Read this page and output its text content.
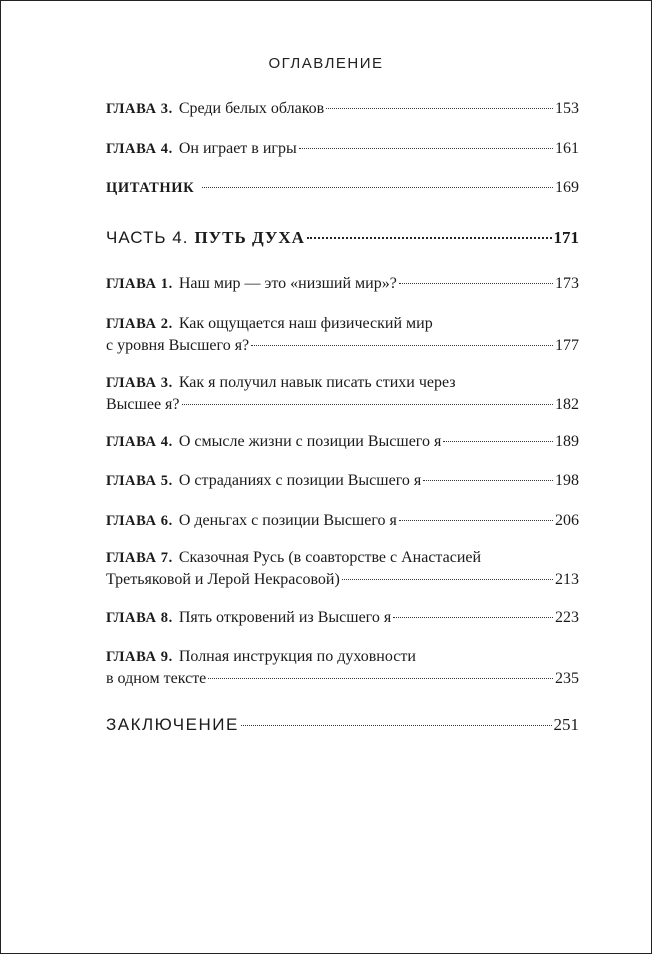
ОГЛАВЛЕНИЕ
ГЛАВА 3. Среди белых облаков	153
ГЛАВА 4. Он играет в игры	161
ЦИТАТНИК	169
ЧАСТЬ 4. ПУТЬ ДУХА	171
ГЛАВА 1. Наш мир — это «низший мир»?	173
ГЛАВА 2. Как ощущается наш физический мир
с уровня Высшего я?	177
ГЛАВА 3. Как я получил навык писать стихи через
Высшее я?	182
ГЛАВА 4. О смысле жизни с позиции Высшего я	189
ГЛАВА 5. О страданиях с позиции Высшего я	198
ГЛАВА 6. О деньгах с позиции Высшего я	206
ГЛАВА 7. Сказочная Русь (в соавторстве с Анастасией
Третьяковой и Лерой Некрасовой)	213
ГЛАВА 8. Пять откровений из Высшего я	223
ГЛАВА 9. Полная инструкция по духовности
в одном тексте	235
ЗАКЛЮЧЕНИЕ	251
